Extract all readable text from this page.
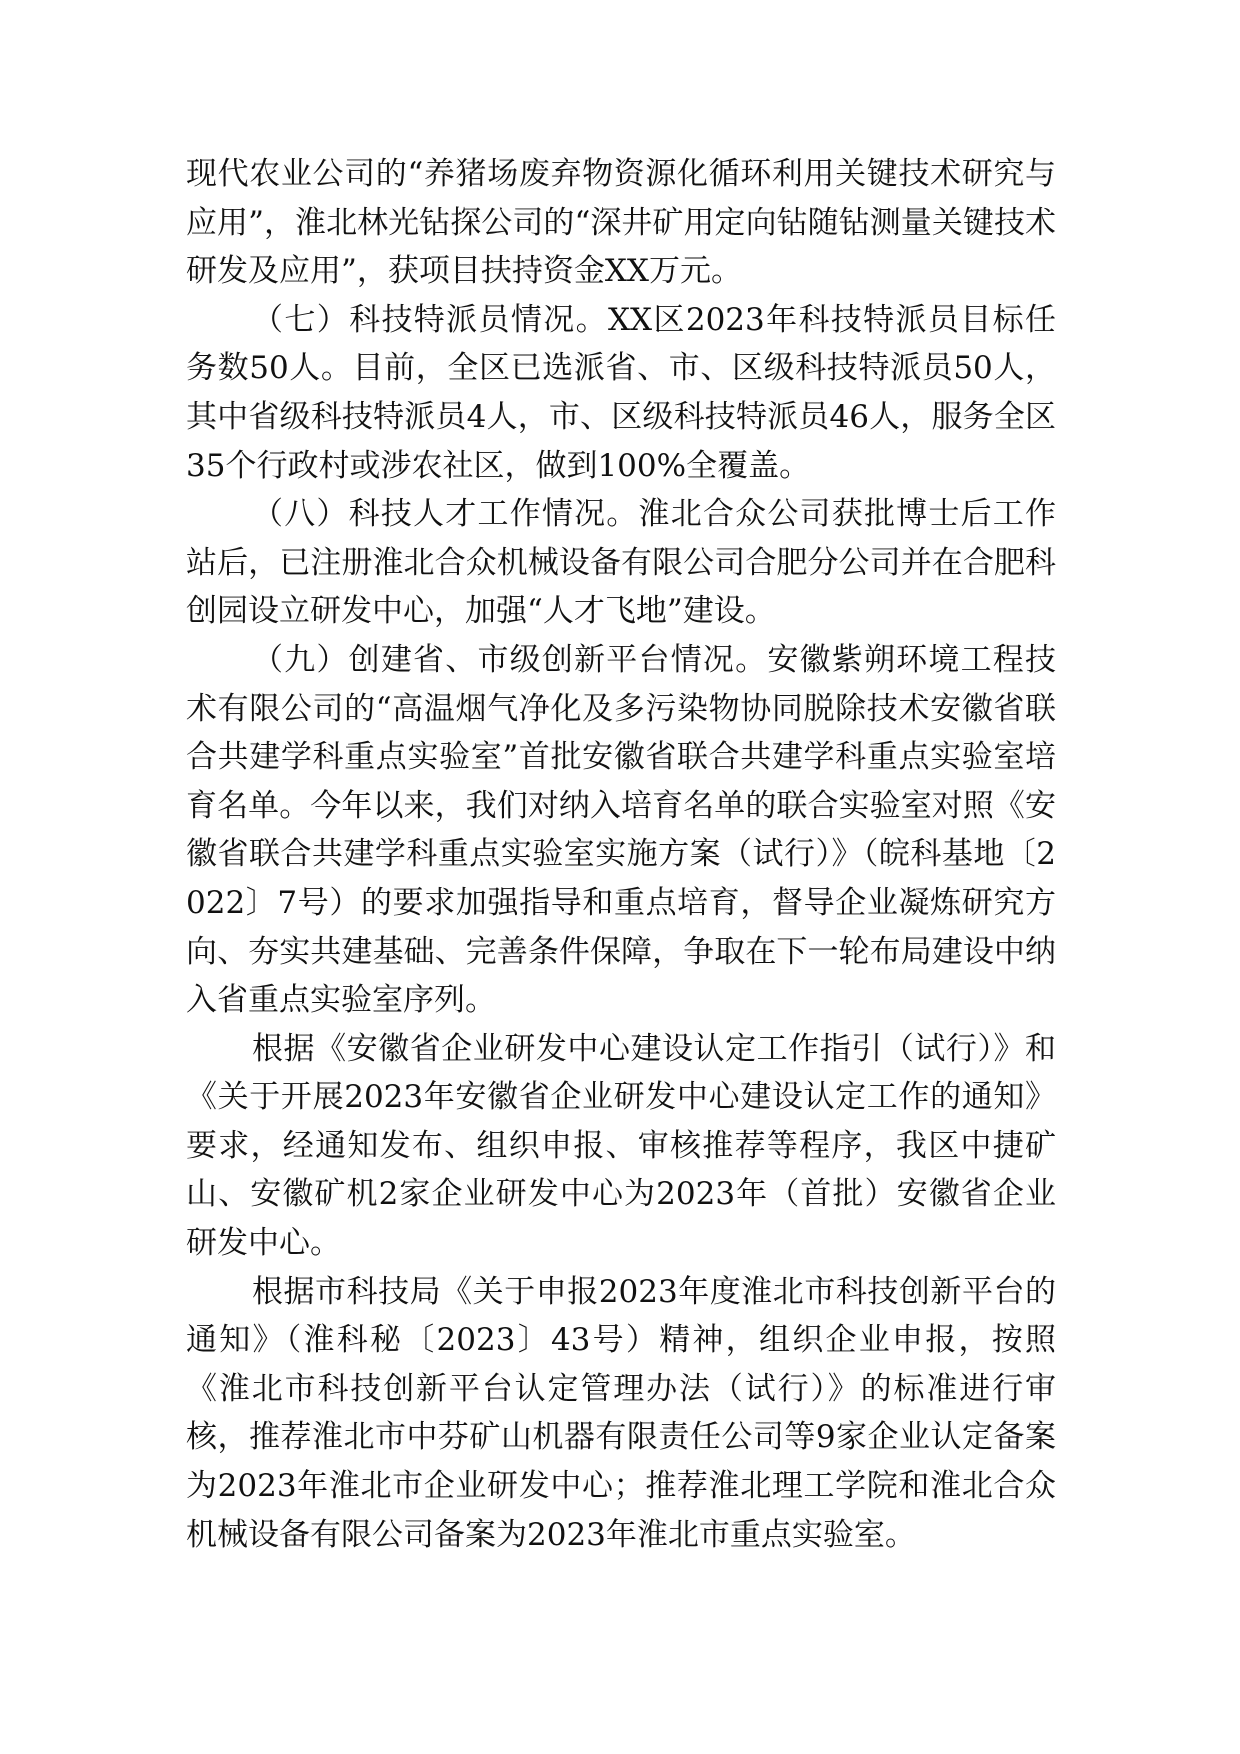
现代农业公司的“养猪场废弃物资源化循环利用关键技术研究与应用”，淮北林光钻探公司的“深井矿用定向钻随钻测量关键技术研发及应用”，获项目扶持资金XX万元。

（七）科技特派员情况。XX区2023年科技特派员目标任务数50人。目前，全区已选派省、市、区级科技特派员50人，其中省级科技特派员4人，市、区级科技特派员46人，服务全区35个行政村或涉农社区，做到100%全覆盖。

（八）科技人才工作情况。淮北合众公司获批博士后工作站后，已注册淮北合众机械设备有限公司合肥分公司并在合肥科创园设立研发中心，加强“人才飞地”建设。

（九）创建省、市级创新平台情况。安徽紫朔环境工程技术有限公司的“高温烟气净化及多污染物协同脱除技术安徽省联合共建学科重点实验室”首批安徽省联合共建学科重点实验室培育名单。今年以来，我们对纳入培育名单的联合实验室对照《安徽省联合共建学科重点实验室实施方案（试行）》（皖科基地〔2022〕7号）的要求加强指导和重点培育，督导企业凝炼研究方向、夯实共建基础、完善条件保障，争取在下一轮布局建设中纳入省重点实验室序列。

根据《安徽省企业研发中心建设认定工作指引（试行）》和《关于开展2023年安徽省企业研发中心建设认定工作的通知》要求，经通知发布、组织申报、审核推荐等程序，我区中捷矿山、安徽矿机2家企业研发中心为2023年（首批）安徽省企业研发中心。

根据市科技局《关于申报2023年度淮北市科技创新平台的通知》（淮科秘〔2023〕43号）精神，组织企业申报，按照《淮北市科技创新平台认定管理办法（试行）》的标准进行审核，推荐淮北市中芬矿山机器有限责任公司等9家企业认定备案为2023年淮北市企业研发中心；推荐淮北理工学院和淮北合众机械设备有限公司备案为2023年淮北市重点实验室。
